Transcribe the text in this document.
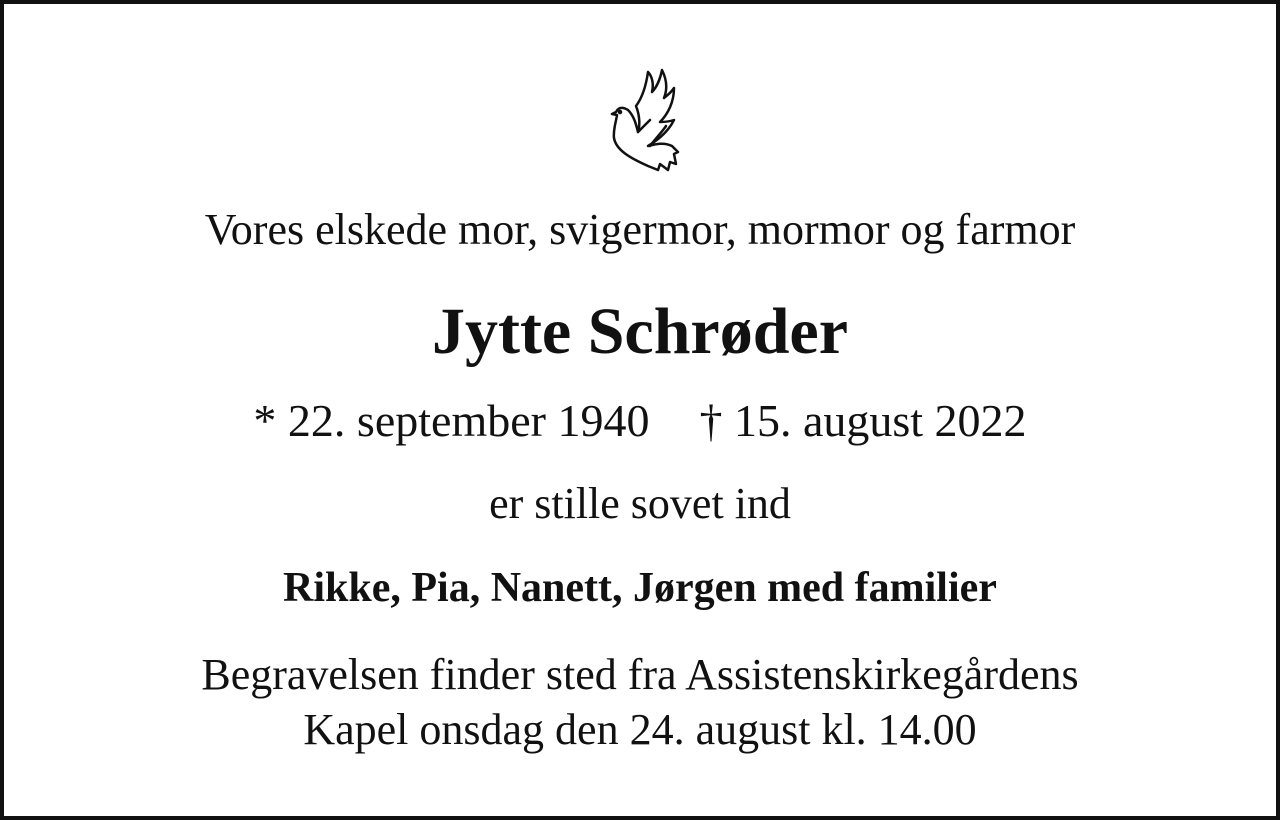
Vores elskede mor, svigermor, mormor og farmor
Jytte Schrøder
* 22. september 1940 † 15. august 2022
er stille sovet ind
Rikke, Pia, Nanett, Jørgen med familier
Begravelsen finder sted fra Assistenskirkegårdens
Kapel onsdag den 24. august kl. 14.00
